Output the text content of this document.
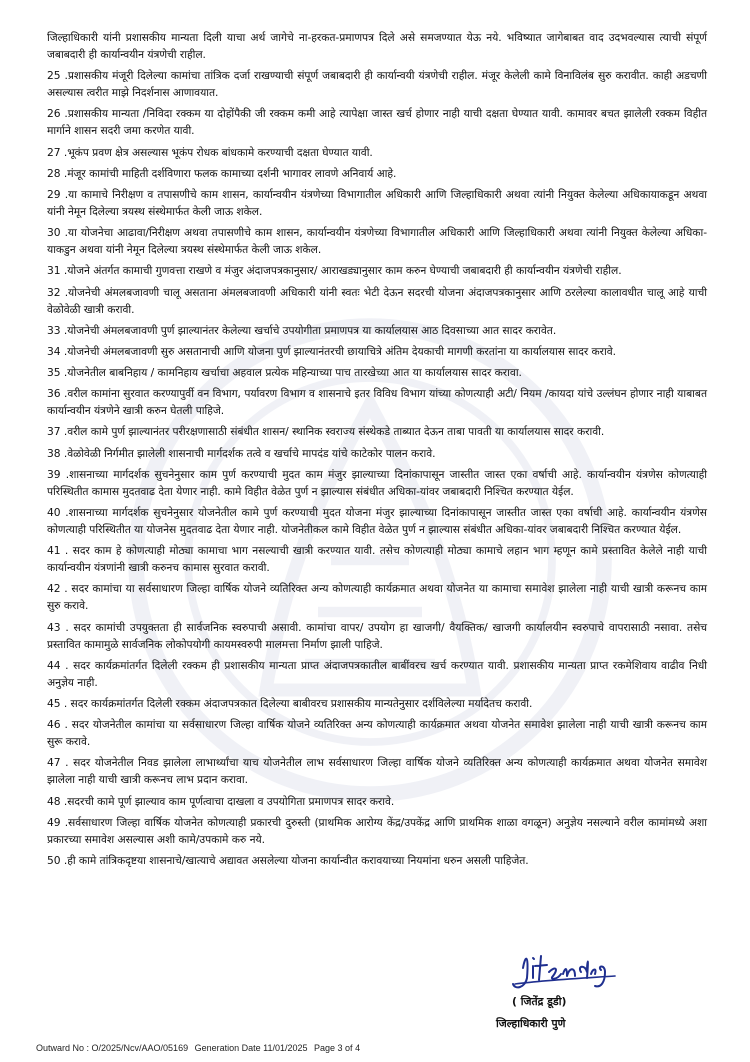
जिल्हाधिकारी यांनी प्रशासकीय मान्यता दिली याचा अर्थ जागेचे ना-हरकत-प्रमाणपत्र दिले असे समजण्यात येऊ नये. भविष्यात जागेबाबत वाद उदभवल्यास त्याची संपूर्ण जबाबदारी ही कार्यान्वयीन यंत्रणेची राहील.

25 .प्रशासकीय मंजूरी दिलेल्या कामांचा तांत्रिक दर्जा राखण्याची संपूर्ण जबाबदारी ही कार्यान्वयी यंत्रणेची राहील. मंजूर केलेली कामे विनाविलंब सुरु करावीत. काही अडचणी असल्यास त्वरीत माझे निदर्शनास आणावयात.

26 .प्रशासकीय मान्यता /निविदा रक्कम या दोहोंपैकी जी रक्कम कमी आहे त्यापेक्षा जास्त खर्च होणार नाही याची दक्षता घेण्यात यावी. कामावर बचत झालेली रक्कम विहीत मार्गाने शासन सदरी जमा करणेत यावी.

27 .भूकंप प्रवण क्षेत्र असल्यास भूकंप रोधक बांधकामे करण्याची दक्षता घेण्यात यावी.

28 .मंजूर कामांची माहिती दर्शविणारा फलक कामाच्या दर्शनी भागावर लावणे अनिवार्य आहे.

29 .या कामाचे निरीक्षण व तपासणीचे काम शासन, कार्यान्वयीन यंत्रणेच्या विभागातील अधिकारी आणि जिल्हाधिकारी अथवा त्यांनी नियुक्त केलेल्या अधिकायाकडून अथवा यांनी नेमून दिलेल्या त्रयस्थ संस्थेमार्फत केली जाऊ शकेल.

30 .या योजनेचा आढावा/निरीक्षण अथवा तपासणीचे काम शासन, कार्यान्वयीन यंत्रणेच्या विभागातील अधिकारी आणि जिल्हाधिकारी अथवा त्यांनी नियुक्त केलेल्या अधिका-याकडुन अथवा यांनी नेमून दिलेल्या त्रयस्थ संस्थेमार्फत केली जाऊ शकेल.

31 .योजने अंतर्गत कामाची गुणवत्ता राखणे व मंजुर अंदाजपत्रकानुसार/ आराखड्यानुसार काम करुन घेण्याची जबाबदारी ही कार्यान्वयीन यंत्रणेची राहील.

32 .योजनेची अंमलबजावणी चालू असताना अंमलबजावणी अधिकारी यांनी स्वतः भेटी देऊन सदरची योजना अंदाजपत्रकानुसार आणि ठरलेल्या कालावधीत चालू आहे याची वेळोवेळी खात्री करावी.

33 .योजनेची अंमलबजावणी पुर्ण झाल्यानंतर केलेल्या खर्चाचे उपयोगीता प्रमाणपत्र या कार्यालयास आठ दिवसाच्या आत सादर करावेत.

34 .योजनेची अंमलबजावणी सुरु असतानाची आणि योजना पुर्ण झाल्यानंतरची छायाचित्रे अंतिम देयकाची मागणी करतांना या कार्यालयास सादर करावे.

35 .योजनेतील बाबनिहाय / कामनिहाय खर्चाचा अहवाल प्रत्येक महिन्याच्या पाच तारखेच्या आत या कार्यालयास सादर करावा.

36 .वरील कामांना सुरवात करण्यापुर्वी वन विभाग, पर्यावरण विभाग व शासनाचे इतर विविध विभाग यांच्या कोणत्याही अटी/ नियम /कायदा यांचे उल्लंघन होणार नाही याबाबत कार्यान्वयीन यंत्रणेने खात्री करुन घेतली पाहिजे.

37 .वरील कामे पुर्ण झाल्यानंतर परीरक्षणासाठी संबंधीत शासन/ स्थानिक स्वराज्य संस्थेकडे ताब्यात देऊन ताबा पावती या कार्यालयास सादर करावी.

38 .वेळोवेळी निर्गमीत झालेली शासनाची मार्गदर्शक तत्वे व खर्चाचे मापदंड यांचे काटेकोर पालन करावे.

39 .शासनाच्या मार्गदर्शक सुचनेनुसार काम पुर्ण करण्याची मुदत काम मंजुर झाल्याच्या दिनांकापासून जास्तीत जास्त एका वर्षाची आहे. कार्यान्वयीन यंत्रणेस कोणत्याही परिस्थितीत कामास मुदतवाढ देता येणार नाही. कामे विहीत वेळेत पुर्ण न झाल्यास संबंधीत अधिका-यांवर जबाबदारी निश्चित करण्यात येईल.

40 .शासनाच्या मार्गदर्शक सुचनेनुसार योजनेतील कामे पुर्ण करण्याची मुदत योजना मंजुर झाल्याच्या दिनांकापासून जास्तीत जास्त एका वर्षाची आहे. कार्यान्वयीन यंत्रणेस कोणत्याही परिस्थितीत या योजनेस मुदतवाढ देता येणार नाही. योजनेतीकल कामे विहीत वेळेत पुर्ण न झाल्यास संबंधीत अधिका-यांवर जबाबदारी निश्चित करण्यात येईल.

41 . सदर काम हे कोणत्याही मोठ्या कामाचा भाग नसल्याची खात्री करण्यात यावी. तसेच कोणत्याही मोठ्या कामाचे लहान भाग म्हणून कामे प्रस्तावित केलेले नाही याची कार्यान्वयीन यंत्रणांनी खात्री करुनच कामास सुरवात करावी.

42 . सदर कामांचा या सर्वसाधारण जिल्हा वार्षिक योजने व्यतिरिक्त अन्य कोणत्याही कार्यक्रमात अथवा योजनेत या कामाचा समावेश झालेला नाही याची खात्री करूनच काम सुरु करावे.

43 . सदर कामांची उपयुक्तता ही सार्वजनिक स्वरुपाची असावी. कामांचा वापर/ उपयोग हा खाजगी/ वैयक्तिक/ खाजगी कार्यालयीन स्वरुपाचे वापरासाठी नसावा. तसेच प्रस्तावित कामामुळे सार्वजनिक लोकोपयोगी कायमस्वरुपी मालमत्ता निर्माण झाली पाहिजे.

44 . सदर कार्यक्रमांतर्गत दिलेली रक्कम ही प्रशासकीय मान्यता प्राप्त अंदाजपत्रकातील बाबींवरच खर्च करण्यात यावी. प्रशासकीय मान्यता प्राप्त रकमेशिवाय वाढीव निधी अनुज्ञेय नाही.

45 . सदर कार्यक्रमांतर्गत दिलेली रक्कम अंदाजपत्रकात दिलेल्या बाबीवरच प्रशासकीय मान्यतेनुसार दर्शविलेल्या मर्यादेतच करावी.

46 . सदर योजनेतील कामांचा या सर्वसाधारण जिल्हा वार्षिक योजने व्यतिरिक्त अन्य कोणत्याही कार्यक्रमात अथवा योजनेत समावेश झालेला नाही याची खात्री करूनच काम सुरू करावे.

47 . सदर योजनेतील निवड झालेला लाभार्थ्यांचा याच योजनेतील लाभ सर्वसाधारण जिल्हा वार्षिक योजने व्यतिरिक्त अन्य कोणत्याही कार्यक्रमात अथवा योजनेत समावेश झालेला नाही याची खात्री करूनच लाभ प्रदान करावा.

48 .सदरची कामे पूर्ण झाल्याव काम पूर्णत्वाचा दाखला व उपयोगिता प्रमाणपत्र सादर करावे.

49 .सर्वसाधारण जिल्हा वार्षिक योजनेत कोणत्याही प्रकारची दुरुस्ती (प्राथमिक आरोग्य केंद्र/उपकेंद्र आणि प्राथमिक शाळा वगळून) अनुज्ञेय नसल्याने वरील कामांमध्ये अशा प्रकारच्या समावेश असल्यास अशी कामे/उपकामे करु नये.

50 .ही कामे तांत्रिकदृष्टया शासनाचे/खात्याचे अद्यावत असलेल्या योजना कार्यान्वीत करावयाच्या नियमांना धरुन असली पाहिजेत.

( जितेंद्र डूडी)
जिल्हाधिकारी पुणे
Outward No : O/2025/Ncv/AAO/05169 Generation Date 11/01/2025 Page 3 of 4
